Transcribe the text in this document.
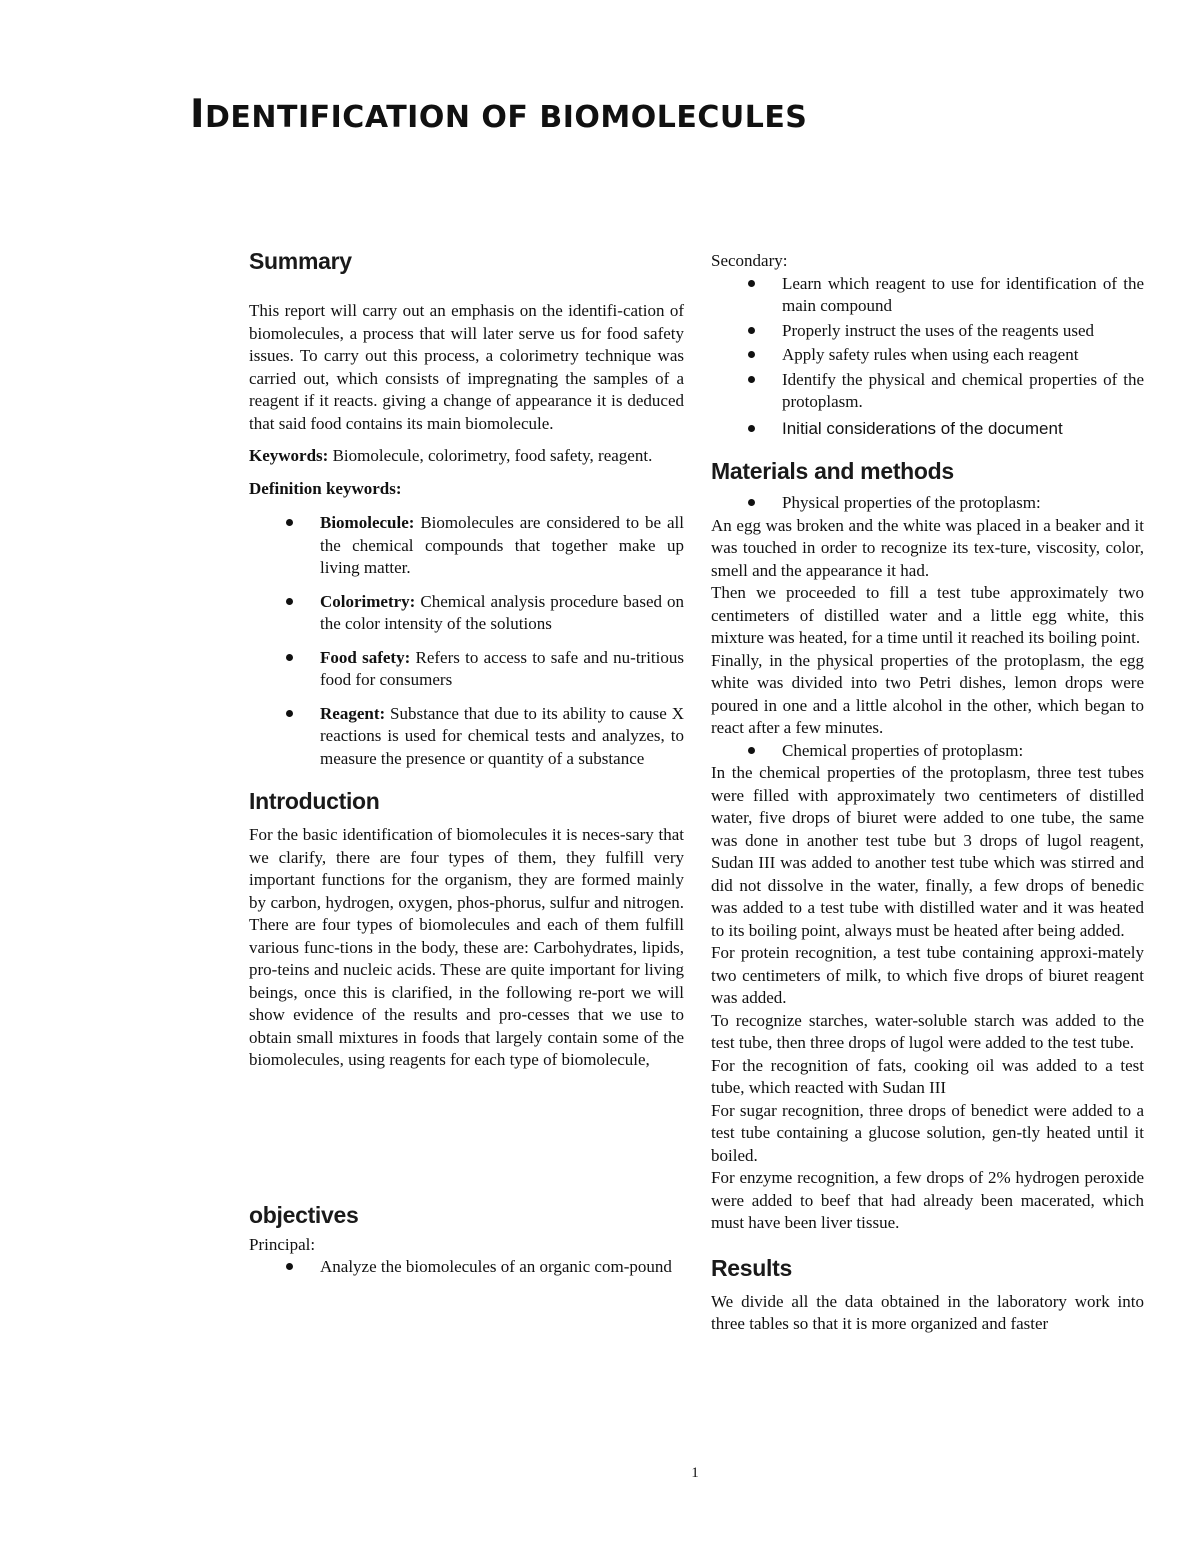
IDENTIFICATION OF BIOMOLECULES
Summary

This report will carry out an emphasis on the identifi-cation of biomolecules, a process that will later serve us for food safety issues. To carry out this process, a colorimetry technique was carried out, which consists of impregnating the samples of a reagent if it reacts. giving a change of appearance it is deduced that said food contains its main biomolecule.

Keywords: Biomolecule, colorimetry, food safety, reagent.

Definition keywords:

Biomolecule: Biomolecules are considered to be all the chemical compounds that together make up living matter.
Colorimetry: Chemical analysis procedure based on the color intensity of the solutions
Food safety: Refers to access to safe and nu-tritious food for consumers
Reagent: Substance that due to its ability to cause X reactions is used for chemical tests and analyzes, to measure the presence or quantity of a substance
Introduction

For the basic identification of biomolecules it is neces-sary that we clarify, there are four types of them, they fulfill very important functions for the organism, they are formed mainly by carbon, hydrogen, oxygen, phos-phorus, sulfur and nitrogen. There are four types of biomolecules and each of them fulfill various func-tions in the body, these are: Carbohydrates, lipids, pro-teins and nucleic acids. These are quite important for living beings, once this is clarified, in the following re-port we will show evidence of the results and pro-cesses that we use to obtain small mixtures in foods that largely contain some of the biomolecules, using reagents for each type of biomolecule,

objectives

Principal:

Analyze the biomolecules of an organic com-pound

Secondary:

Learn which reagent to use for identification of the main compound
Properly instruct the uses of the reagents used
Apply safety rules when using each reagent
Identify the physical and chemical properties of the protoplasm.
Initial considerations of the document
Materials and methods
Physical properties of the protoplasm:

An egg was broken and the white was placed in a beaker and it was touched in order to recognize its tex-ture, viscosity, color, smell and the appearance it had.

Then we proceeded to fill a test tube approximately two centimeters of distilled water and a little egg white, this mixture was heated, for a time until it reached its boiling point.

Finally, in the physical properties of the protoplasm, the egg white was divided into two Petri dishes, lemon drops were poured in one and a little alcohol in the other, which began to react after a few minutes.

Chemical properties of protoplasm:

In the chemical properties of the protoplasm, three test tubes were filled with approximately two centimeters of distilled water, five drops of biuret were added to one tube, the same was done in another test tube but 3 drops of lugol reagent, Sudan III was added to another test tube which was stirred and did not dissolve in the water, finally, a few drops of benedic was added to a test tube with distilled water and it was heated to its boiling point, always must be heated after being added.

For protein recognition, a test tube containing approxi-mately two centimeters of milk, to which five drops of biuret reagent was added.

To recognize starches, water-soluble starch was added to the test tube, then three drops of lugol were added to the test tube.

For the recognition of fats, cooking oil was added to a test tube, which reacted with Sudan III

For sugar recognition, three drops of benedict were added to a test tube containing a glucose solution, gen-tly heated until it boiled.

For enzyme recognition, a few drops of 2% hydrogen peroxide were added to beef that had already been macerated, which must have been liver tissue.

Results

We divide all the data obtained in the laboratory work into three tables so that it is more organized and faster

1
